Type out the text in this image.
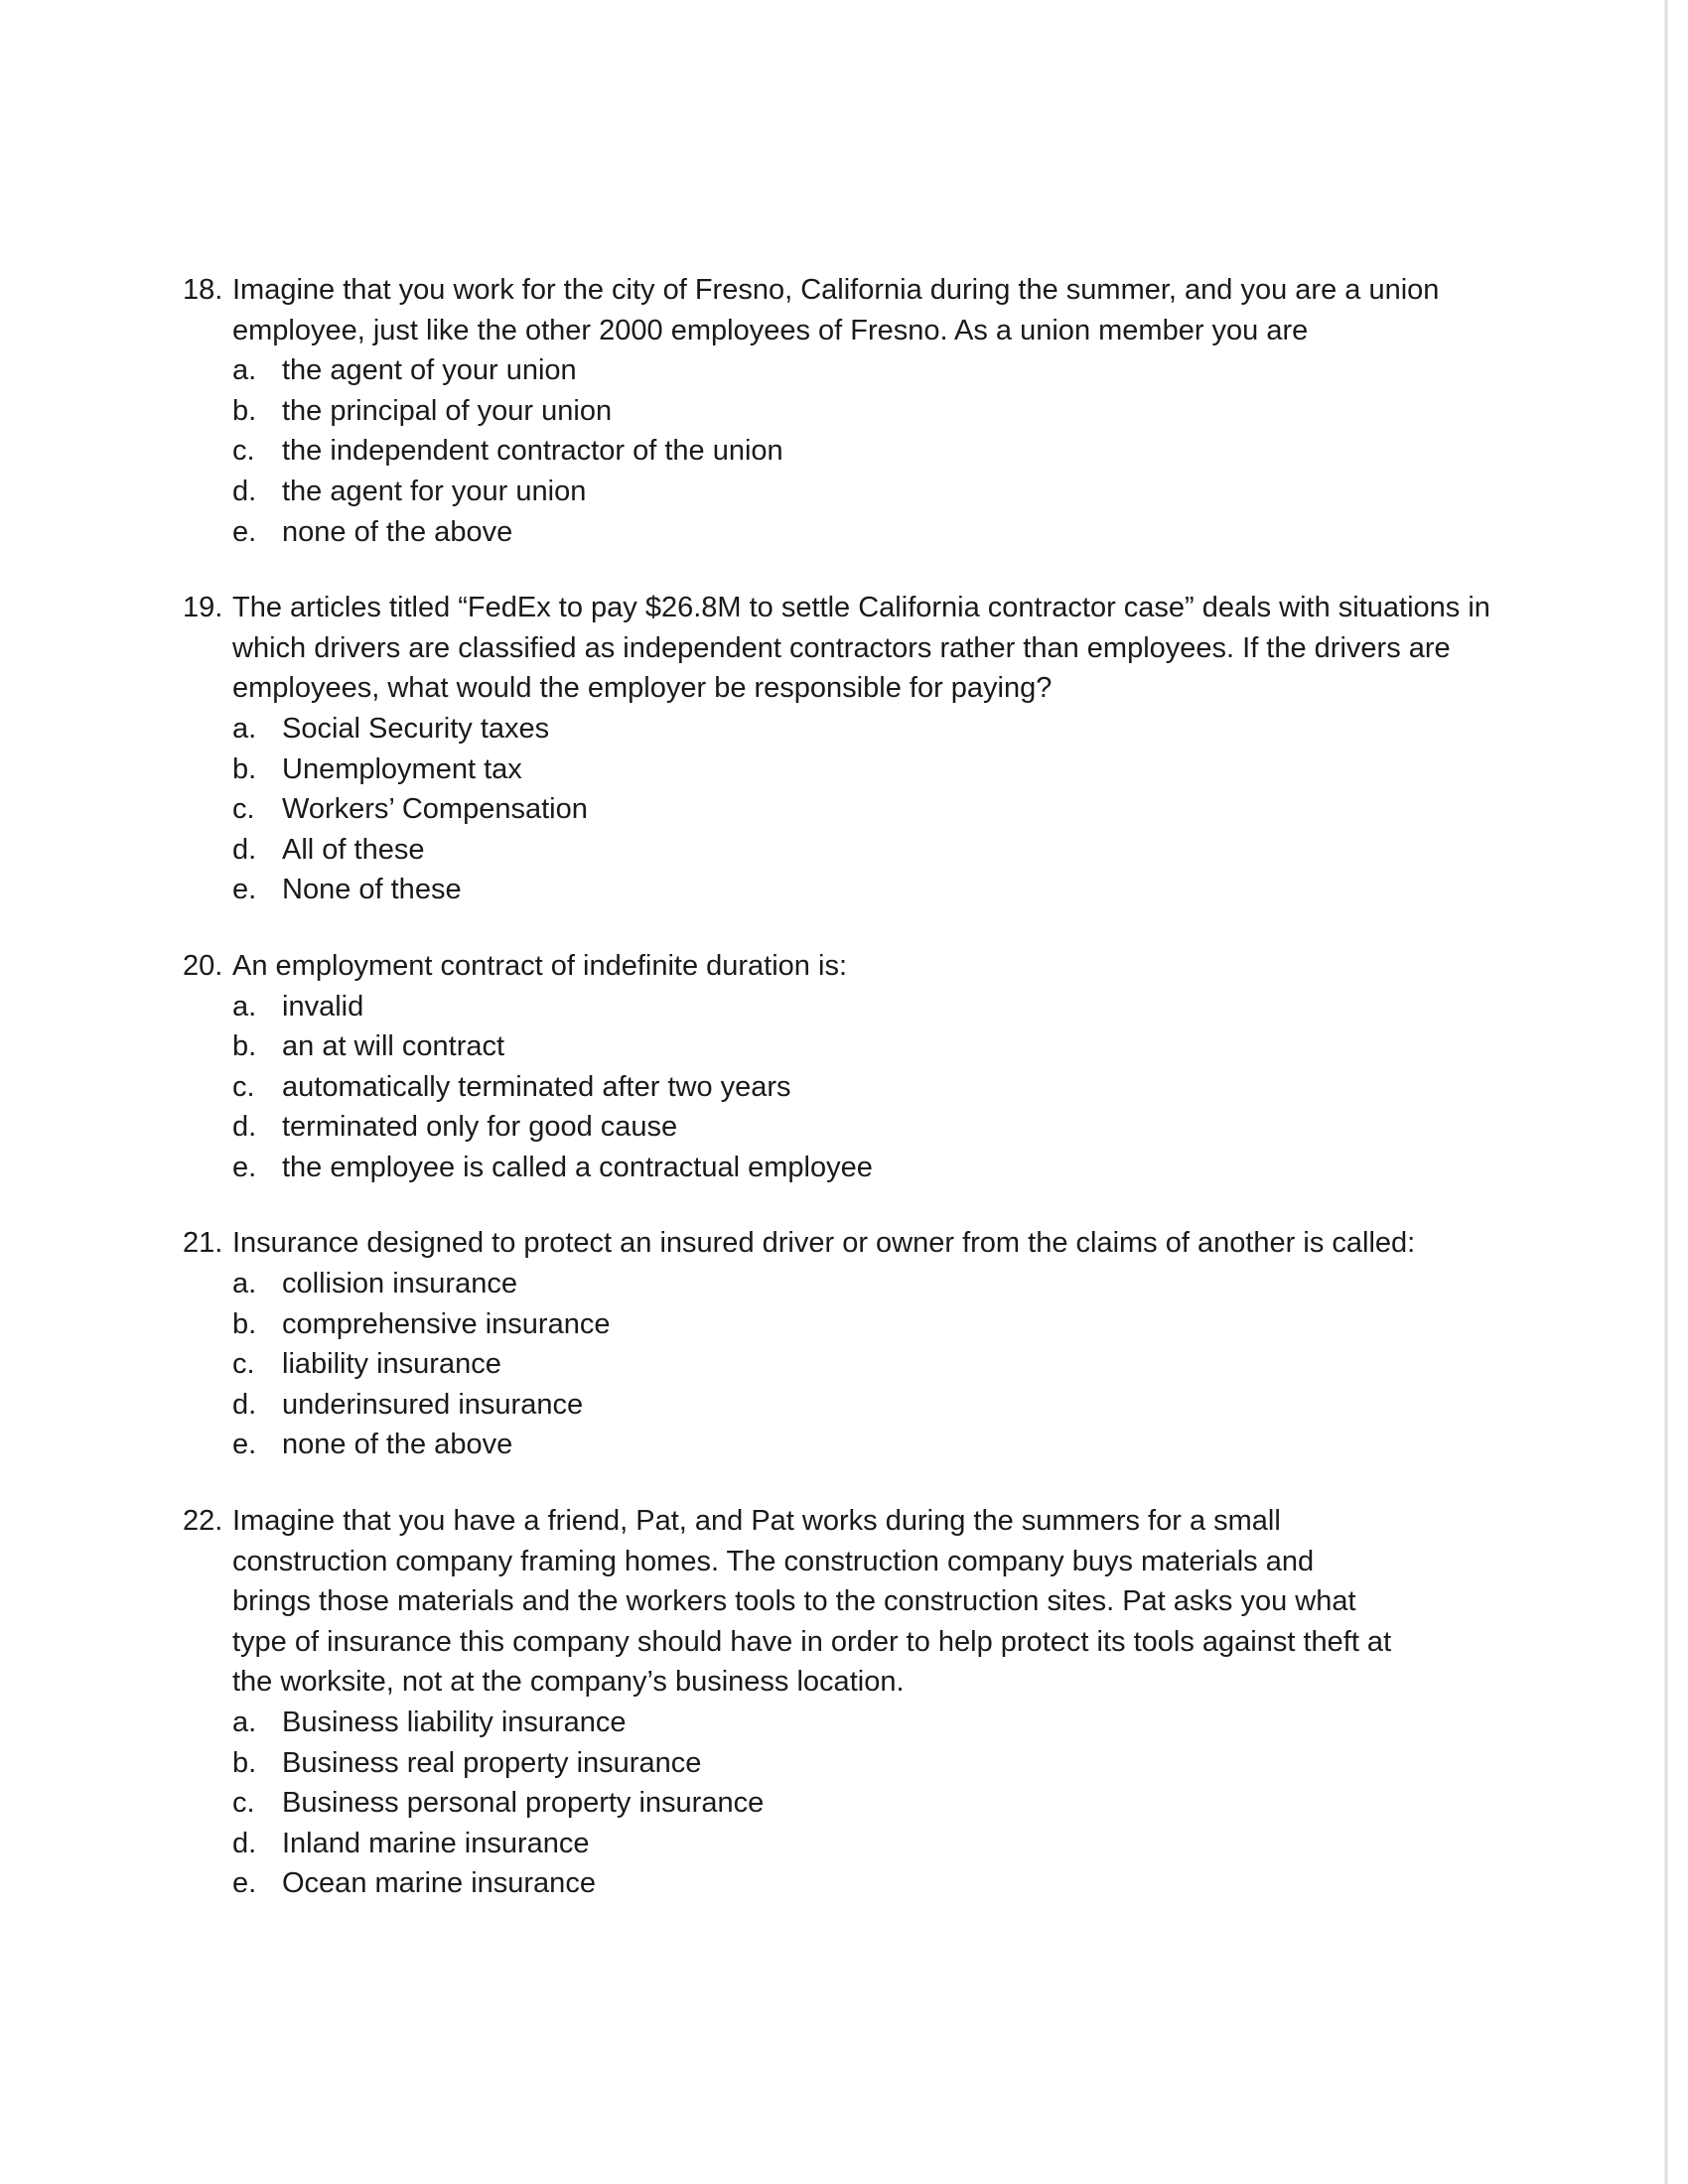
18. Imagine that you work for the city of Fresno, California during the summer, and you are a union
employee, just like the other 2000 employees of Fresno. As a union member you are
a. the agent of your union
b. the principal of your union
c. the independent contractor of the union
d. the agent for your union
e. none of the above
19. The articles titled “FedEx to pay $26.8M to settle California contractor case” deals with situations in
which drivers are classified as independent contractors rather than employees. If the drivers are
employees, what would the employer be responsible for paying?
a. Social Security taxes
b. Unemployment tax
c. Workers’ Compensation
d. All of these
e. None of these
20. An employment contract of indefinite duration is:
a. invalid
b. an at will contract
c. automatically terminated after two years
d. terminated only for good cause
e. the employee is called a contractual employee
21. Insurance designed to protect an insured driver or owner from the claims of another is called:
a. collision insurance
b. comprehensive insurance
c. liability insurance
d. underinsured insurance
e. none of the above
22. Imagine that you have a friend, Pat, and Pat works during the summers for a small
construction company framing homes. The construction company buys materials and
brings those materials and the workers tools to the construction sites. Pat asks you what
type of insurance this company should have in order to help protect its tools against theft at
the worksite, not at the company’s business location.
a. Business liability insurance
b. Business real property insurance
c. Business personal property insurance
d. Inland marine insurance
e. Ocean marine insurance
